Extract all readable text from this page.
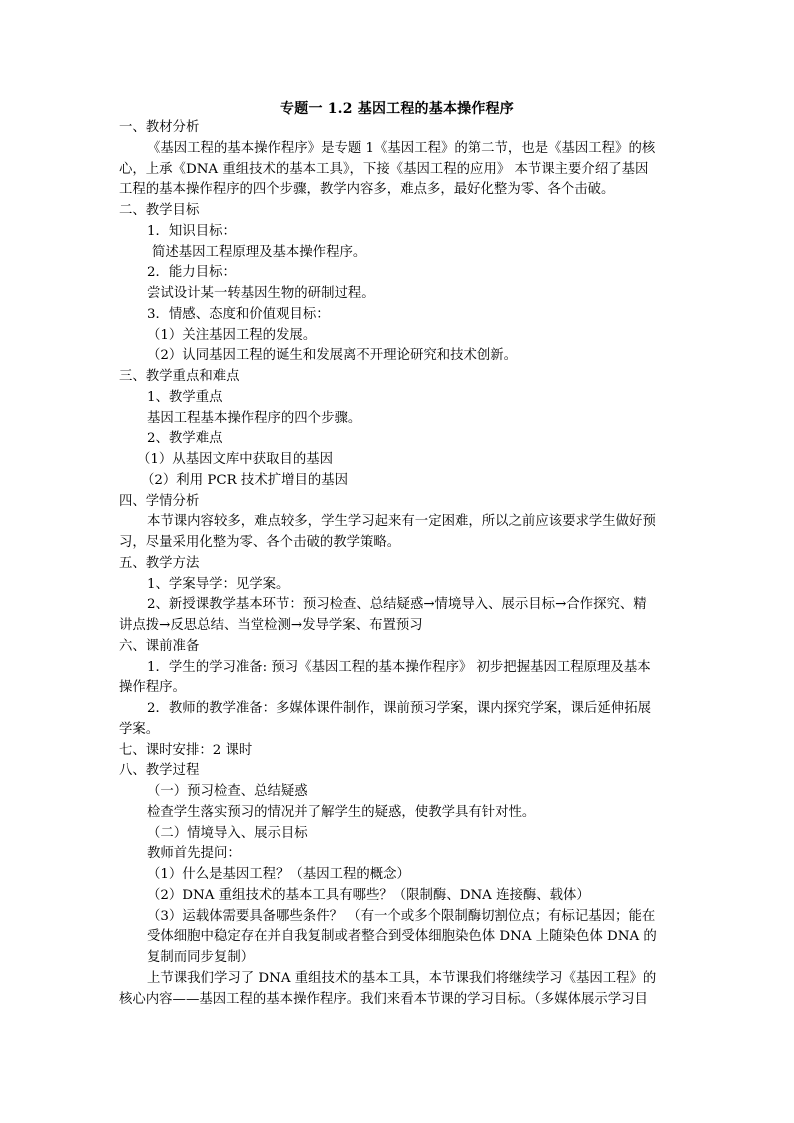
专题一 1.2 基因工程的基本操作程序
一、教材分析
《基因工程的基本操作程序》是专题 1《基因工程》的第二节，也是《基因工程》的核
心，上承《DNA 重组技术的基本工具》，下接《基因工程的应用》 本节课主要介绍了基因
工程的基本操作程序的四个步骤，教学内容多，难点多，最好化整为零、各个击破。
二、教学目标
1．知识目标：
简述基因工程原理及基本操作程序。
2．能力目标：
尝试设计某一转基因生物的研制过程。
3．情感、态度和价值观目标：
（1）关注基因工程的发展。
（2）认同基因工程的诞生和发展离不开理论研究和技术创新。
三、教学重点和难点
1、教学重点
基因工程基本操作程序的四个步骤。
2、教学难点
（1）从基因文库中获取目的基因
（2）利用 PCR 技术扩增目的基因
四、学情分析
本节课内容较多，难点较多，学生学习起来有一定困难，所以之前应该要求学生做好预
习，尽量采用化整为零、各个击破的教学策略。
五、教学方法
1、学案导学：见学案。
2、新授课教学基本环节：预习检查、总结疑惑→情境导入、展示目标→合作探究、精
讲点拨→反思总结、当堂检测→发导学案、布置预习
六、课前准备
1．学生的学习准备: 预习《基因工程的基本操作程序》 初步把握基因工程原理及基本
操作程序。
2．教师的教学准备：多媒体课件制作，课前预习学案，课内探究学案，课后延伸拓展
学案。
七、课时安排：2 课时
八、教学过程
（一）预习检查、总结疑惑
检查学生落实预习的情况并了解学生的疑惑，使教学具有针对性。
（二）情境导入、展示目标
教师首先提问：
（1）什么是基因工程？（基因工程的概念）
（2）DNA 重组技术的基本工具有哪些？（限制酶、DNA 连接酶、载体）
（3）运载体需要具备哪些条件？ （有一个或多个限制酶切割位点；有标记基因；能在
受体细胞中稳定存在并自我复制或者整合到受体细胞染色体 DNA 上随染色体 DNA 的
复制而同步复制）
上节课我们学习了 DNA 重组技术的基本工具，本节课我们将继续学习《基因工程》的
核心内容——基因工程的基本操作程序。我们来看本节课的学习目标。（多媒体展示学习目
